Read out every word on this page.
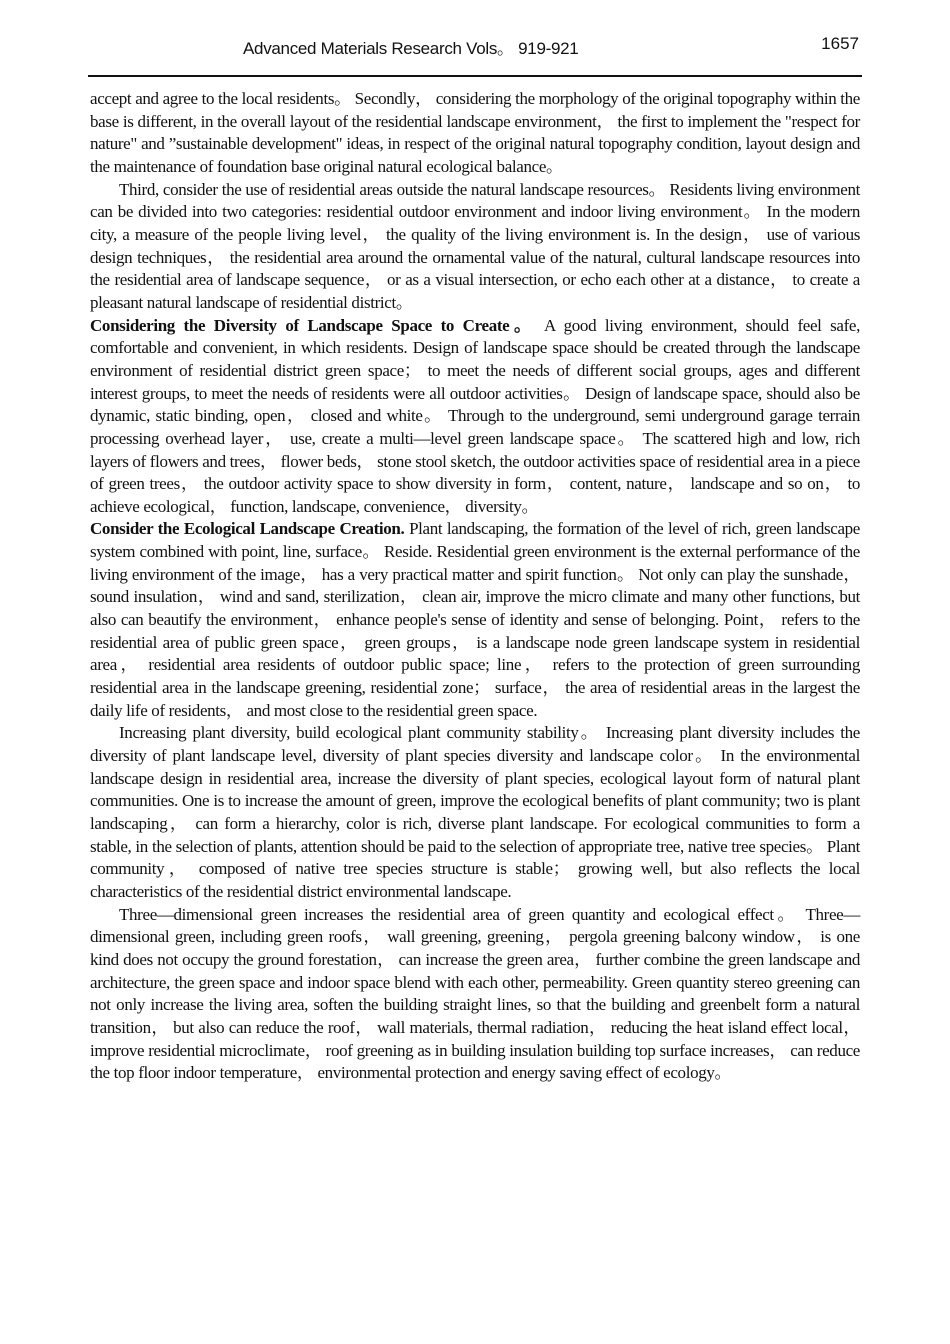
Advanced Materials Research Vols。 919-921	1657

accept and agree to the local residents。 Secondly， considering the morphology of the original topography within the base is different, in the overall layout of the residential landscape environment， the first to implement the "respect for nature" and ”sustainable development" ideas, in respect of the original natural topography condition, layout design and the maintenance of foundation base original natural ecological balance。

Third, consider the use of residential areas outside the natural landscape resources。 Residents living environment can be divided into two categories: residential outdoor environment and indoor living environment。 In the modern city, a measure of the people living level， the quality of the living environment is. In the design， use of various design techniques， the residential area around the ornamental value of the natural, cultural landscape resources into the residential area of landscape sequence， or as a visual intersection, or echo each other at a distance， to create a pleasant natural landscape of residential district。

Considering the Diversity of Landscape Space to Create。 A good living environment, should feel safe, comfortable and convenient, in which residents. Design of landscape space should be created through the landscape environment of residential district green space； to meet the needs of different social groups, ages and different interest groups, to meet the needs of residents were all outdoor activities。 Design of landscape space, should also be dynamic, static binding, open， closed and white。 Through to the underground, semi underground garage terrain processing overhead layer， use, create a multi—level green landscape space。 The scattered high and low, rich layers of flowers and trees， flower beds， stone stool sketch, the outdoor activities space of residential area in a piece of green trees， the outdoor activity space to show diversity in form， content, nature， landscape and so on， to achieve ecological， function, landscape, convenience， diversity。

Consider the Ecological Landscape Creation. Plant landscaping, the formation of the level of rich, green landscape system combined with point, line, surface。 Reside. Residential green environment is the external performance of the living environment of the image， has a very practical matter and spirit function。 Not only can play the sunshade， sound insulation， wind and sand, sterilization， clean air, improve the micro climate and many other functions, but also can beautify the environment， enhance people's sense of identity and sense of belonging. Point， refers to the residential area of public green space， green groups， is a landscape node green landscape system in residential area， residential area residents of outdoor public space; line， refers to the protection of green surrounding residential area in the landscape greening, residential zone； surface， the area of residential areas in the largest the daily life of residents， and most close to the residential green space.

Increasing plant diversity, build ecological plant community stability。 Increasing plant diversity includes the diversity of plant landscape level, diversity of plant species diversity and landscape color。 In the environmental landscape design in residential area, increase the diversity of plant species, ecological layout form of natural plant communities. One is to increase the amount of green, improve the ecological benefits of plant community; two is plant landscaping， can form a hierarchy, color is rich, diverse plant landscape. For ecological communities to form a stable, in the selection of plants, attention should be paid to the selection of appropriate tree, native tree species。 Plant community， composed of native tree species structure is stable； growing well, but also reflects the local characteristics of the residential district environmental landscape.

Three—dimensional green increases the residential area of green quantity and ecological effect。 Three—dimensional green, including green roofs， wall greening, greening， pergola greening balcony window， is one kind does not occupy the ground forestation， can increase the green area， further combine the green landscape and architecture, the green space and indoor space blend with each other, permeability. Green quantity stereo greening can not only increase the living area, soften the building straight lines, so that the building and greenbelt form a natural transition， but also can reduce the roof， wall materials, thermal radiation， reducing the heat island effect local， improve residential microclimate， roof greening as in building insulation building top surface increases， can reduce the top floor indoor temperature， environmental protection and energy saving effect of ecology。
